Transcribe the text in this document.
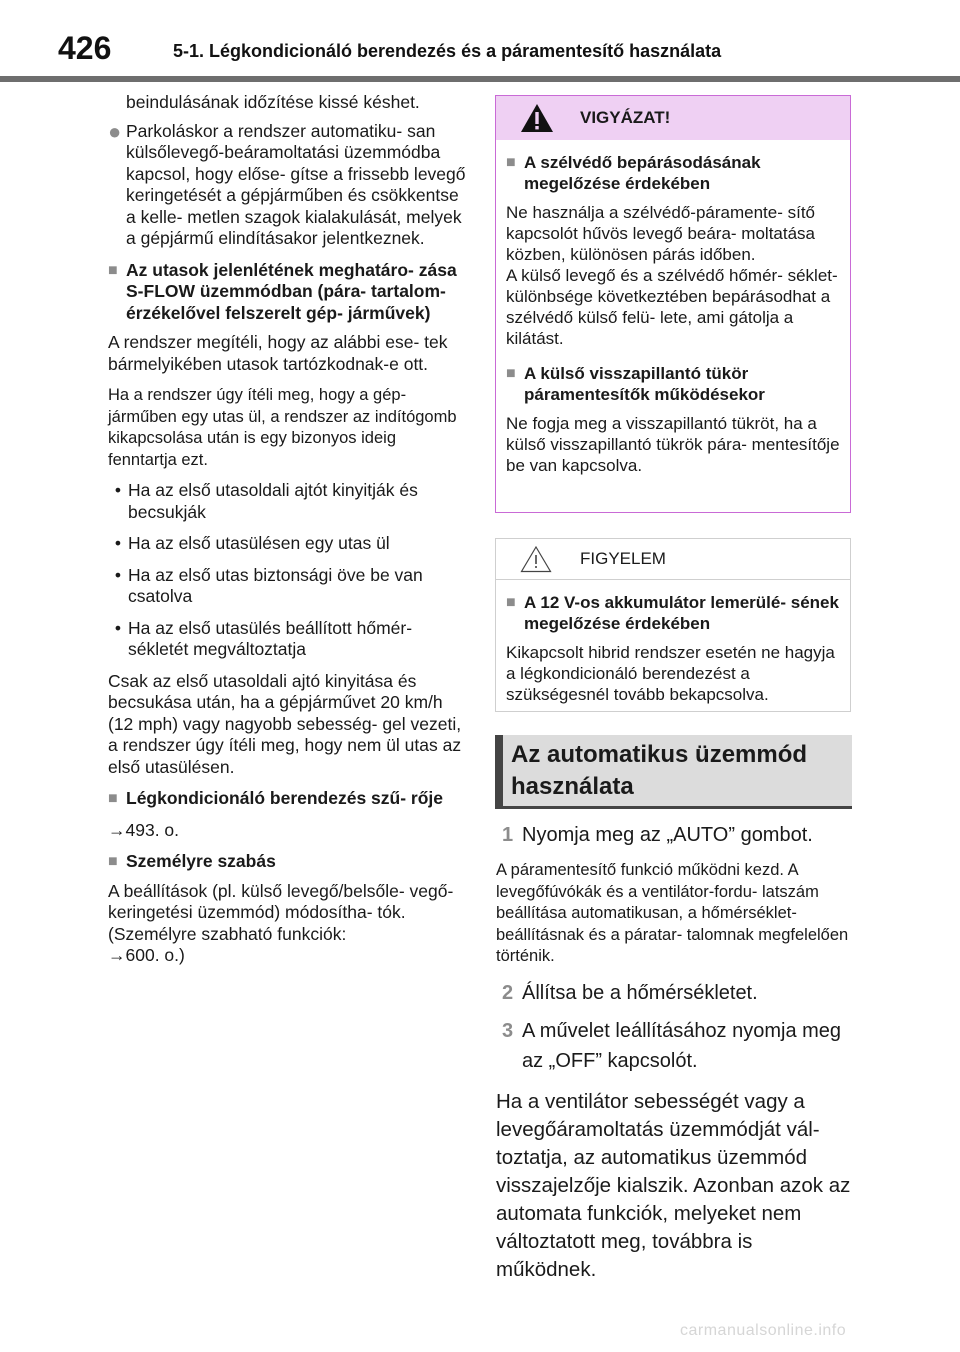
426	5-1. Légkondicionáló berendezés és a páramentesítő használata

beindulásának időzítése kissé késhet.

● Parkoláskor a rendszer automatiku- san külsőlevegő-beáramoltatási üzemmódba kapcsol, hogy előse- gítse a frissebb levegő keringetését a gépjárműben és csökkentse a kelle- metlen szagok kialakulását, melyek a gépjármű elindításakor jelentkeznek.
■ Az utasok jelenlétének meghatáro- zása S-FLOW üzemmódban (pára- tartalom-érzékelővel felszerelt gép- járművek)

A rendszer megítéli, hogy az alábbi ese- tek bármelyikében utasok tartózkodnak-e ott.

Ha a rendszer úgy ítéli meg, hogy a gép- járműben egy utas ül, a rendszer az indítógomb kikapcsolása után is egy bizonyos ideig fenntartja ezt.

• Ha az első utasoldali ajtót kinyitják és becsukják
• Ha az első utasülésen egy utas ül
• Ha az első utas biztonsági öve be van csatolva
• Ha az első utasülés beállított hőmér- sékletét megváltoztatja

Csak az első utasoldali ajtó kinyitása és becsukása után, ha a gépjárművet 20 km/h (12 mph) vagy nagyobb sebesség- gel vezeti, a rendszer úgy ítéli meg, hogy nem ül utas az első utasülésen.

■ Légkondicionáló berendezés szű- rője

→493. o.

■ Személyre szabás

A beállítások (pl. külső levegő/belsőle- vegő-keringetési üzemmód) módosítha- tók.

(Személyre szabható funkciók:

→600. o.)

VIGYÁZAT!
■ A szélvédő bepárásodásának megelőzése érdekében

Ne használja a szélvédő-páramente- sítő kapcsolót hűvös levegő beára- moltatása közben, különösen párás időben.

A külső levegő és a szélvédő hőmér- séklet-különbsége következtében bepárásodhat a szélvédő külső felü- lete, ami gátolja a kilátást.

■ A külső visszapillantó tükör páramentesítők működésekor

Ne fogja meg a visszapillantó tükröt, ha a külső visszapillantó tükrök pára- mentesítője be van kapcsolva.

FIGYELEM
■ A 12 V-os akkumulátor lemerülé- sének megelőzése érdekében

Kikapcsolt hibrid rendszer esetén ne hagyja a légkondicionáló berendezést a szükségesnél tovább bekapcsolva.

Az automatikus üzemmód használata
1 Nyomja meg az „AUTO” gombot.

A páramentesítő funkció működni kezd. A levegőfúvókák és a ventilátor-fordu- latszám beállítása automatikusan, a hőmérséklet-beállításnak és a páratar- talomnak megfelelően történik.

2 Állítsa be a hőmérsékletet.
3 A művelet leállításához nyomja meg az „OFF” kapcsolót.

Ha a ventilátor sebességét vagy a levegőáramoltatás üzemmódját vál- toztatja, az automatikus üzemmód visszajelzője kialszik. Azonban azok az automata funkciók, melyeket nem változtatott meg, továbbra is működnek.

carmanualsonline.info
